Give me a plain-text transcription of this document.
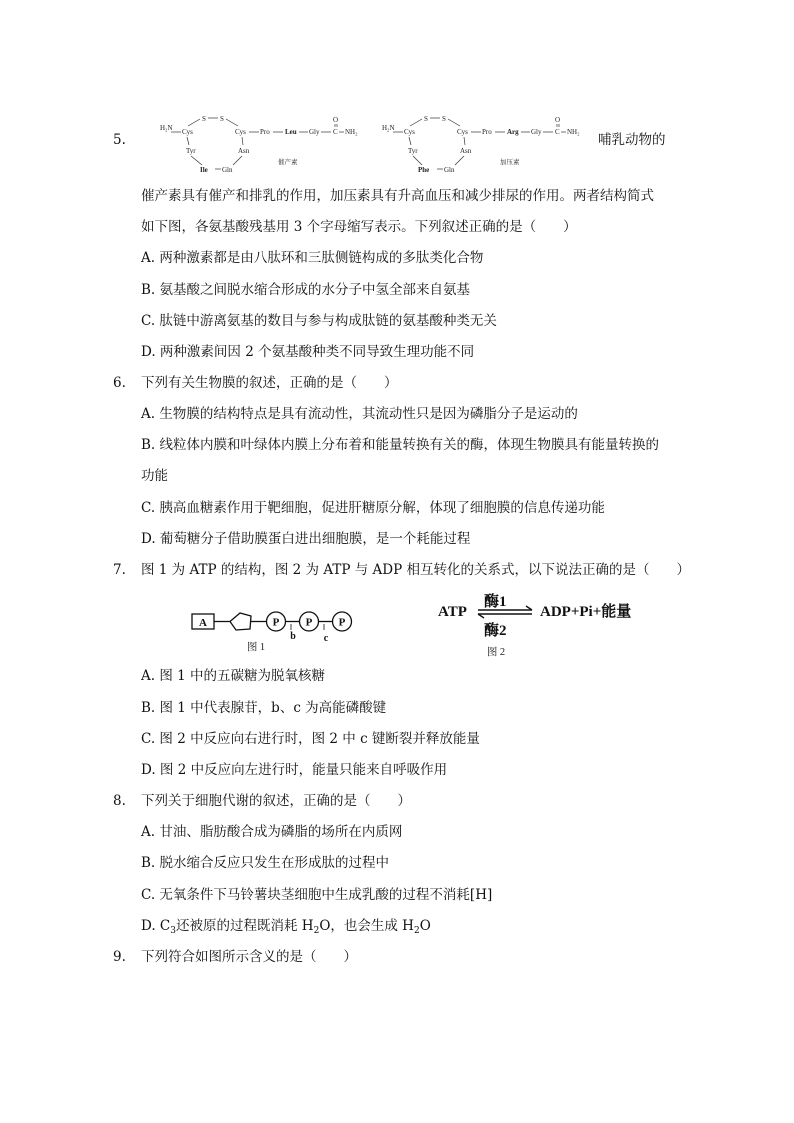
5.
H₂N Cys	Cys
Tyr
Ile Gln
Asn
Pro Leu Gly
S S
C
O
NH₂
催产素
H₂N Cys	Cys
Tyr
Phe Gln
Asn
Pro Arg Gly
S S
C
O
NH₂
加压素
哺乳动物的
催产素具有催产和排乳的作用，加压素具有升高血压和减少排尿的作用。两者结构简式
如下图，各氨基酸残基用 3 个字母缩写表示。下列叙述正确的是（　　）
A. 两种激素都是由八肽环和三肽侧链构成的多肽类化合物
B. 氨基酸之间脱水缩合形成的水分子中氢全部来自氨基
C. 肽链中游离氨基的数目与参与构成肽链的氨基酸种类无关
D. 两种激素间因 2 个氨基酸种类不同导致生理功能不同
6. 下列有关生物膜的叙述，正确的是（　　）
A. 生物膜的结构特点是具有流动性，其流动性只是因为磷脂分子是运动的
B. 线粒体内膜和叶绿体内膜上分布着和能量转换有关的酶，体现生物膜具有能量转换的
功能
C. 胰高血糖素作用于靶细胞，促进肝糖原分解，体现了细胞膜的信息传递功能
D. 葡萄糖分子借助膜蛋白进出细胞膜，是一个耗能过程
7. 图 1 为 ATP 的结构，图 2 为 ATP 与 ADP 相互转化的关系式，以下说法正确的是（　　）
A	P P P
b	c
图 1
ATP
酶1
酶2
ADP+Pi+能量
图 2
A. 图 1 中的五碳糖为脱氧核糖
B. 图 1 中代表腺苷，b、c 为高能磷酸键
C. 图 2 中反应向右进行时，图 2 中 c 键断裂并释放能量
D. 图 2 中反应向左进行时，能量只能来自呼吸作用
8. 下列关于细胞代谢的叙述，正确的是（　　）
A. 甘油、脂肪酸合成为磷脂的场所在内质网
B. 脱水缩合反应只发生在形成肽的过程中
C. 无氧条件下马铃薯块茎细胞中生成乳酸的过程不消耗[H]
D. $C_3$还被原的过程既消耗 $H_2O$，也会生成 $H_2O$
9. 下列符合如图所示含义的是（　　）
